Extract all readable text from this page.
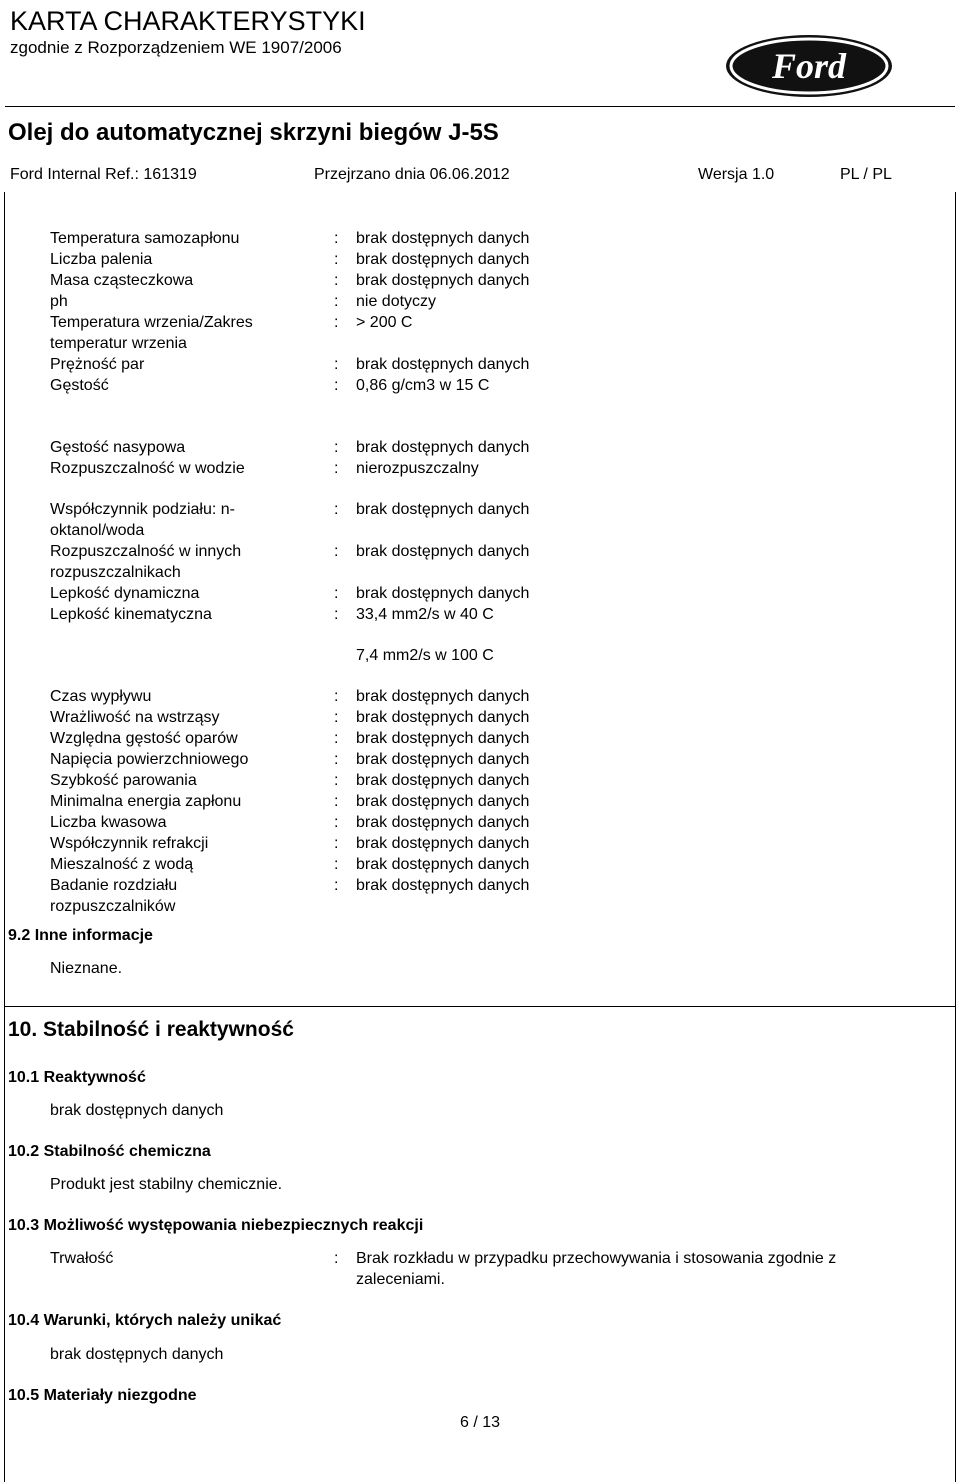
KARTA CHARAKTERYSTYKI
zgodnie z Rozporządzeniem WE 1907/2006	Ford
Olej do automatycznej skrzyni biegów J-5S
Ford Internal Ref.: 161319	Przejrzano dnia 06.06.2012	Wersja 1.0	PL / PL
Temperatura samozapłonu	: brak dostępnych danych
Liczba palenia	: brak dostępnych danych
Masa cząsteczkowa	: brak dostępnych danych
ph	: nie dotyczy
Temperatura wrzenia/Zakres	: > 200 C
temperatur wrzenia
Prężność par	: brak dostępnych danych
Gęstość	: 0,86 g/cm3 w 15 C
Gęstość nasypowa	: brak dostępnych danych
Rozpuszczalność w wodzie	: nierozpuszczalny
Współczynnik podziału: n-	: brak dostępnych danych
oktanol/woda
Rozpuszczalność w innych	: brak dostępnych danych
rozpuszczalnikach
Lepkość dynamiczna	: brak dostępnych danych
Lepkość kinematyczna	: 33,4 mm2/s w 40 C
7,4 mm2/s w 100 C
Czas wypływu	: brak dostępnych danych
Wrażliwość na wstrząsy	: brak dostępnych danych
Względna gęstość oparów	: brak dostępnych danych
Napięcia powierzchniowego	: brak dostępnych danych
Szybkość parowania	: brak dostępnych danych
Minimalna energia zapłonu	: brak dostępnych danych
Liczba kwasowa	: brak dostępnych danych
Współczynnik refrakcji	: brak dostępnych danych
Mieszalność z wodą	: brak dostępnych danych
Badanie rozdziału	: brak dostępnych danych
rozpuszczalników
9.2 Inne informacje
Nieznane.
10. Stabilność i reaktywność
10.1 Reaktywność
brak dostępnych danych
10.2 Stabilność chemiczna
Produkt jest stabilny chemicznie.
10.3 Możliwość występowania niebezpiecznych reakcji
Trwałość	: Brak rozkładu w przypadku przechowywania i stosowania zgodnie z
zaleceniami.
10.4 Warunki, których należy unikać
brak dostępnych danych
10.5 Materiały niezgodne
6 / 13
